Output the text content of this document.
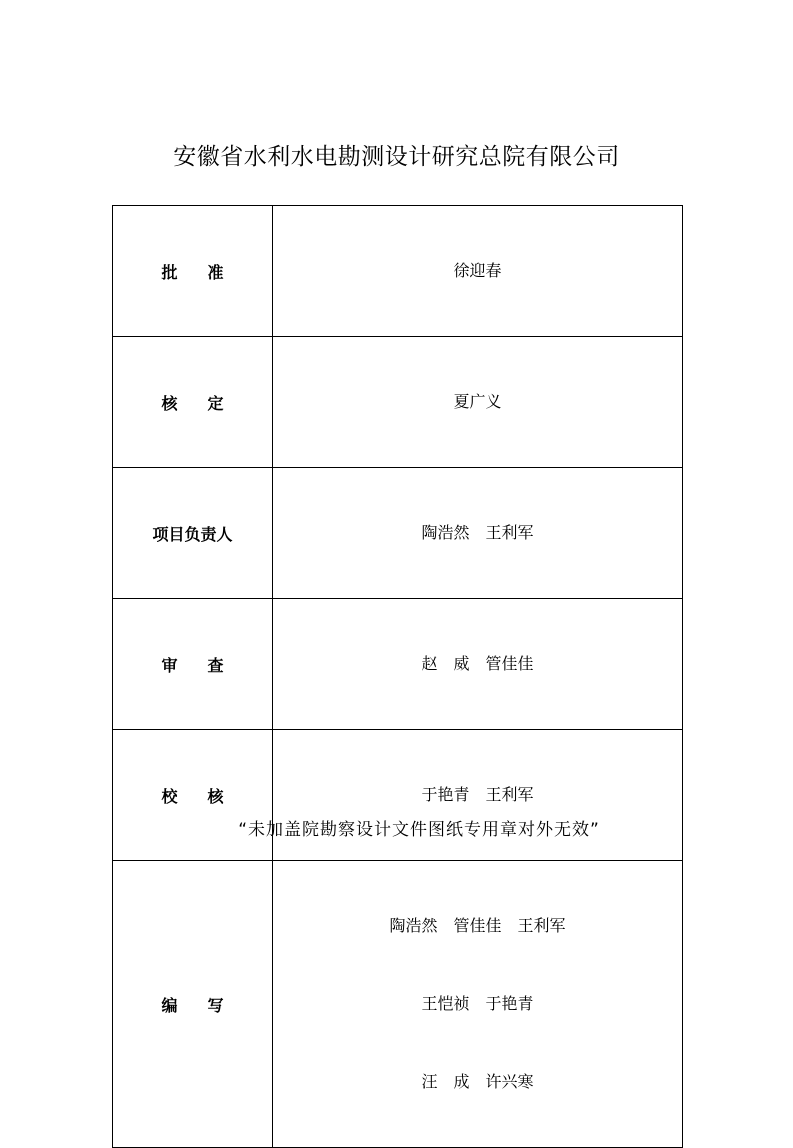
安徽省水利水电勘测设计研究总院有限公司
批准	徐迎春

核定	夏广义

项目负责人	陶浩然　王利军

审查	赵　威　管佳佳

校核	于艳青　王利军

编写	陶浩然　管佳佳　王利军

王恺祯　于艳青

汪　成　许兴寒

“未加盖院勘察设计文件图纸专用章对外无效”
